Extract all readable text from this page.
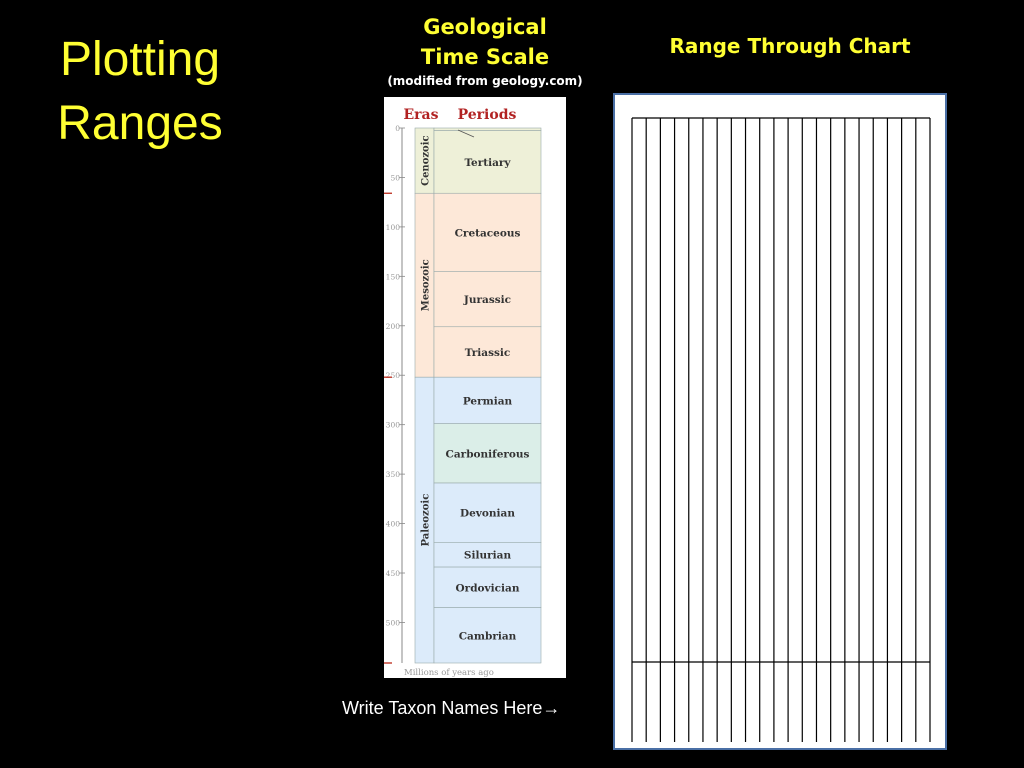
Plotting
Ranges
Geological
Time Scale
(modified from geology.com)
Range Through Chart
Eras Periods
Cenozoic
Mesozoic
Paleozoic
Tertiary
Cretaceous
Jurassic
Triassic
Permian
Carboniferous
Devonian
Silurian
Ordovician
Cambrian
0
50
100
150
200
250
300
350
400
450
500
Millions of years ago
Write Taxon Names Here→
